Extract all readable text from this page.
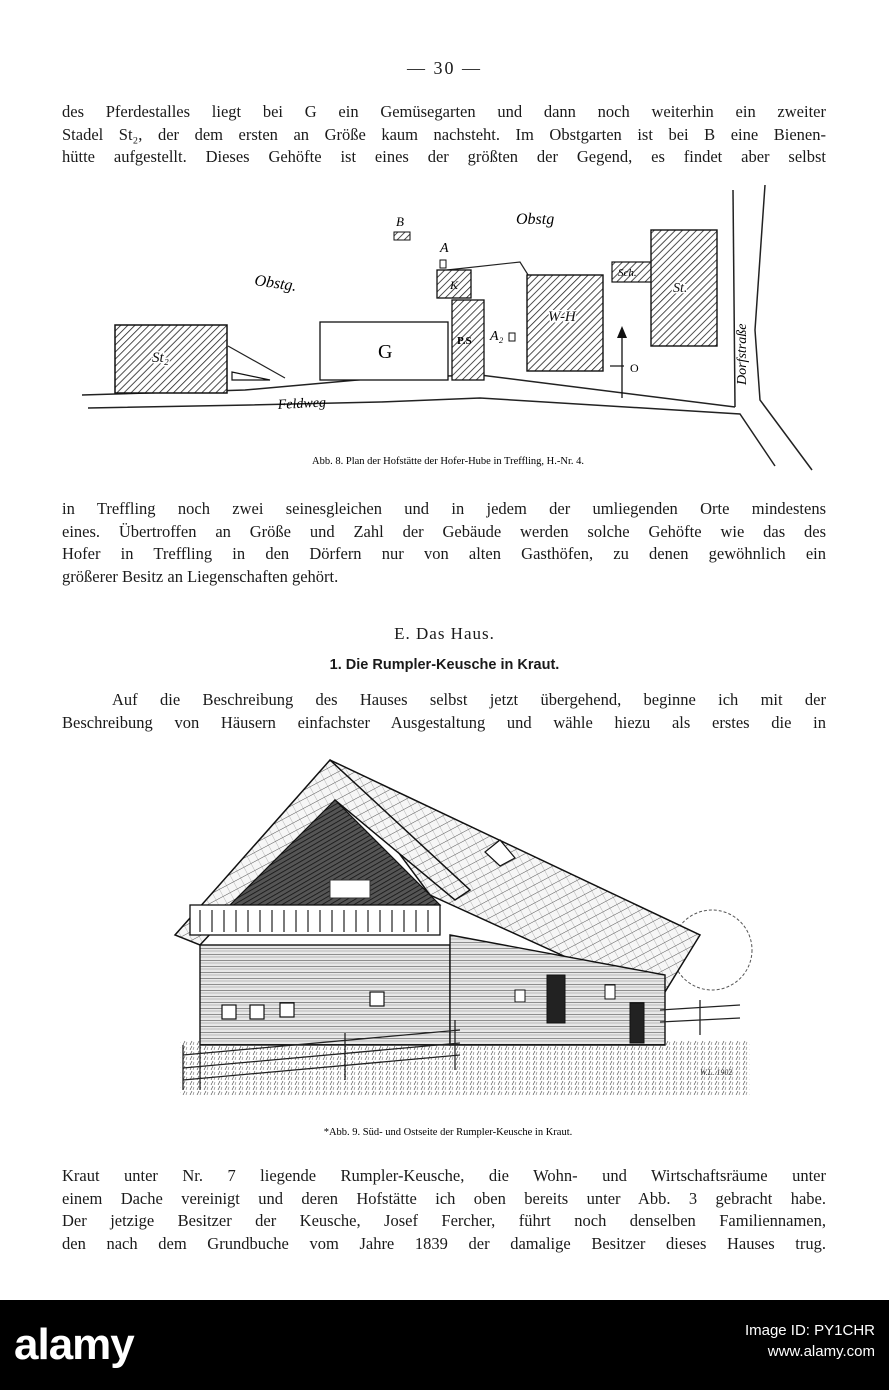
— 30 —
des Pferdestalles liegt bei G ein Gemüsegarten und dann noch weiterhin ein zweiter
Stadel St₂, der dem ersten an Größe kaum nachsteht. Im Obstgarten ist bei B eine Bienen-
hütte aufgestellt. Dieses Gehöfte ist eines der größten der Gegend, es findet aber selbst
Obstg
Obstg.
B
A
K
P.S A₂
W-H
Sch.
St.
St₂	G
Feldweg
Dorfstraße
O
Abb. 8. Plan der Hofstätte der Hofer-Hube in Treffling, H.-Nr. 4.
in Treffling noch zwei seinesgleichen und in jedem der umliegenden Orte mindestens
eines. Übertroffen an Größe und Zahl der Gebäude werden solche Gehöfte wie das des
Hofer in Treffling in den Dörfern nur von alten Gasthöfen, zu denen gewöhnlich ein
größerer Besitz an Liegenschaften gehört.
E. Das Haus.
1. Die Rumpler-Keusche in Kraut.
Auf die Beschreibung des Hauses selbst jetzt übergehend, beginne ich mit der
Beschreibung von Häusern einfachster Ausgestaltung und wähle hiezu als erstes die in
W.L. 1902
*Abb. 9. Süd- und Ostseite der Rumpler-Keusche in Kraut.
Kraut unter Nr. 7 liegende Rumpler-Keusche, die Wohn- und Wirtschaftsräume unter
einem Dache vereinigt und deren Hofstätte ich oben bereits unter Abb. 3 gebracht habe.
Der jetzige Besitzer der Keusche, Josef Fercher, führt noch denselben Familiennamen,
den nach dem Grundbuche vom Jahre 1839 der damalige Besitzer dieses Hauses trug.
alamy	Image ID: PY1CHR
www.alamy.com
